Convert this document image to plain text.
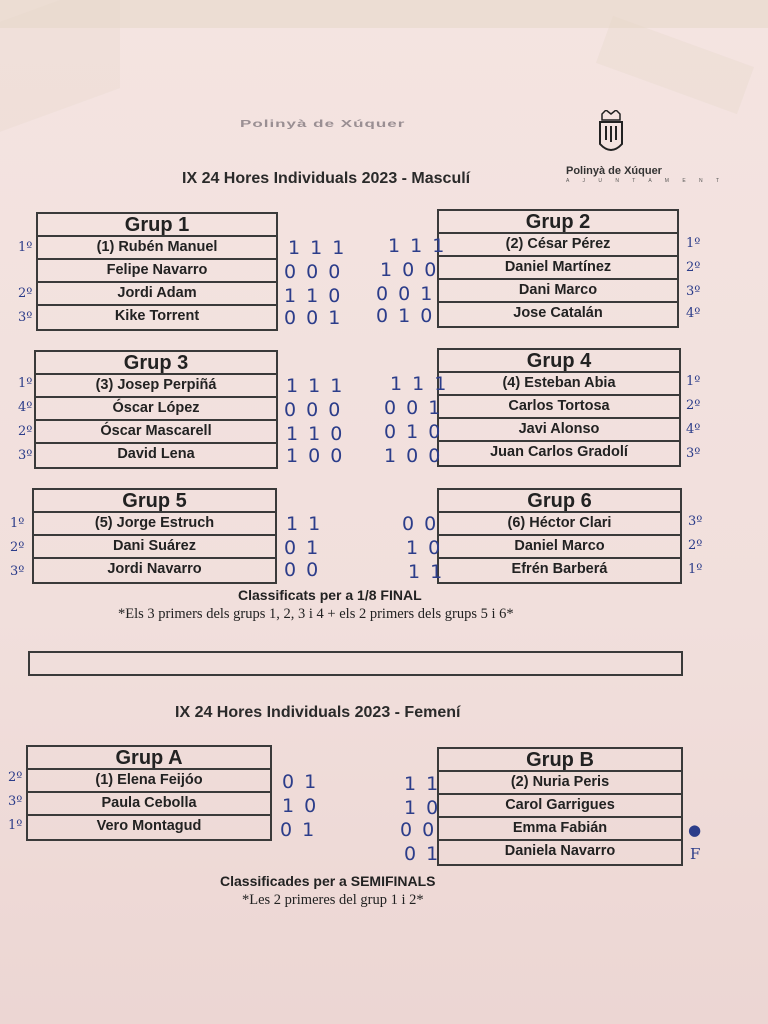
Polinyà de Xúquer
Polinyà de Xúquer
A J U N T A M E N T
IX 24 Hores Individuals 2023 - Masculí
Grup 1
(1) Rubén Manuel
Felipe Navarro
Jordi Adam
Kike Torrent
1º
2º
3º
1 1 1
0 0 0
1 1 0
0 0 1
Grup 2
(2) César Pérez
Daniel Martínez
Dani Marco
Jose Catalán
1 1 1
1 0 0
0 0 1
0 1 0
1º
2º
3º
4º
Grup 3
(3) Josep Perpiñá
Óscar López
Óscar Mascarell
David Lena
1º
4º
2º
3º
1 1 1
0 0 0
1 1 0
1 0 0
Grup 4
(4) Esteban Abia
Carlos Tortosa
Javi Alonso
Juan Carlos Gradolí
1 1 1
0 0 1
0 1 0
1 0 0
1º
2º
4º
3º
Grup 5
(5) Jorge Estruch
Dani Suárez
Jordi Navarro
1º
2º
3º
1 1
0 1
0 0
Grup 6
(6) Héctor Clari
Daniel Marco
Efrén Barberá
0 0
1 0
1 1
3º
2º
1º
Classificats per a 1/8 FINAL
*Els 3 primers dels grups 1, 2, 3 i 4 + els 2 primers dels grups 5 i 6*
IX 24 Hores Individuals 2023 - Femení
Grup A
(1) Elena Feijóo
Paula Cebolla
Vero Montagud
2º
3º
1º
0 1
1 0
0 1
Grup B
(2) Nuria Peris
Carol Garrigues
Emma Fabián
Daniela Navarro
1 1
1 0
0 0
0 1
●
F
Classificades per a SEMIFINALS
*Les 2 primeres del grup 1 i 2*
